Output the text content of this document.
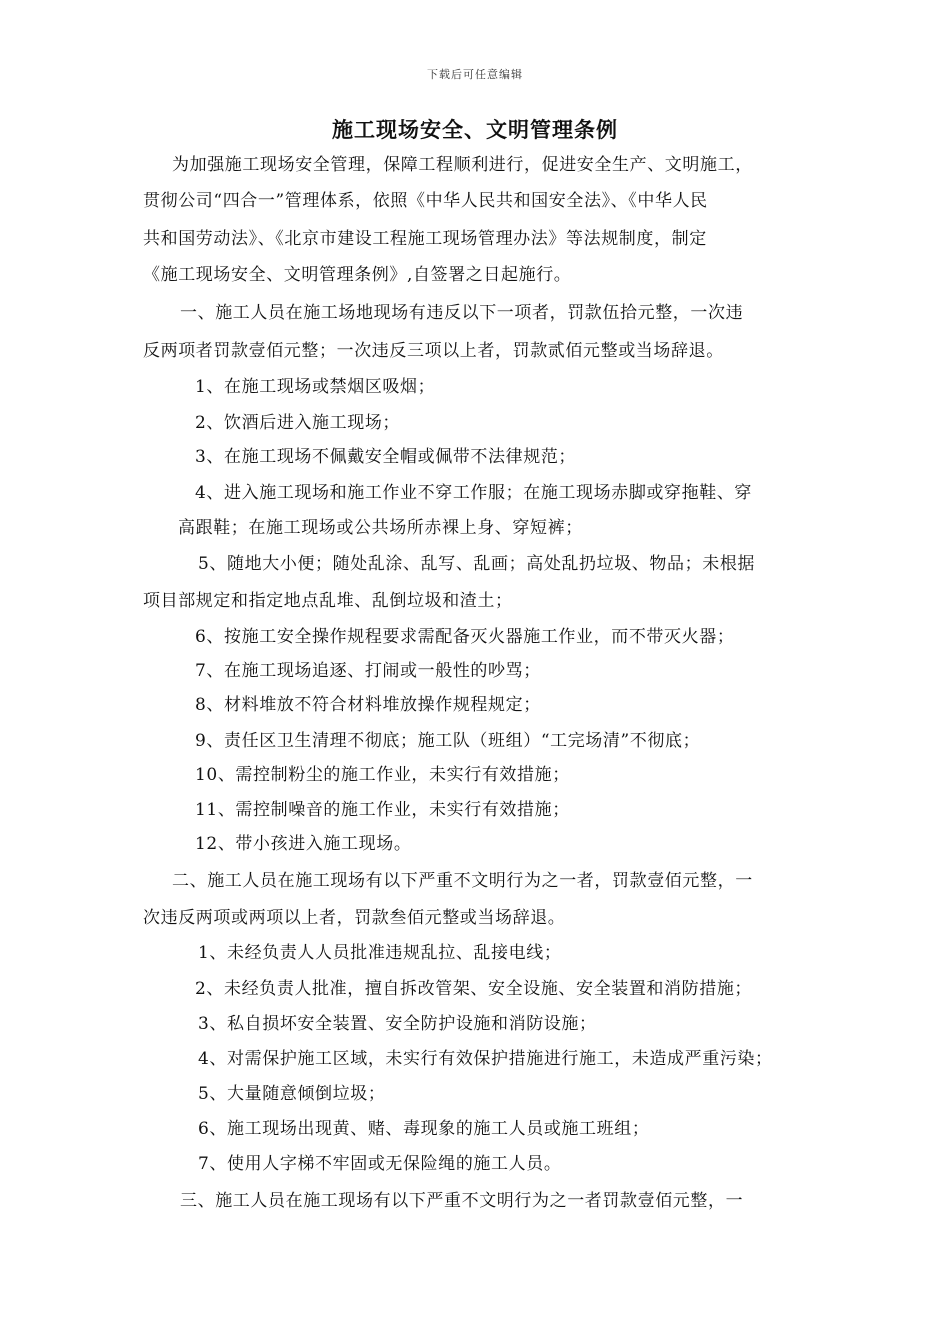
下载后可任意编辑
施工现场安全、文明管理条例
为加强施工现场安全管理，保障工程顺利进行，促进安全生产、文明施工，
贯彻公司“四合一”管理体系，依照《中华人民共和国安全法》、《中华人民
共和国劳动法》、《北京市建设工程施工现场管理办法》等法规制度，制定
《施工现场安全、文明管理条例》,自签署之日起施行。
一、施工人员在施工场地现场有违反以下一项者，罚款伍拾元整，一次违
反两项者罚款壹佰元整；一次违反三项以上者，罚款贰佰元整或当场辞退。
1、在施工现场或禁烟区吸烟；
2、饮酒后进入施工现场；
3、在施工现场不佩戴安全帽或佩带不法律规范；
4、进入施工现场和施工作业不穿工作服；在施工现场赤脚或穿拖鞋、穿
高跟鞋；在施工现场或公共场所赤裸上身、穿短裤；
5、随地大小便；随处乱涂、乱写、乱画；高处乱扔垃圾、物品；未根据
项目部规定和指定地点乱堆、乱倒垃圾和渣土；
6、按施工安全操作规程要求需配备灭火器施工作业，而不带灭火器；
7、在施工现场追逐、打闹或一般性的吵骂；
8、材料堆放不符合材料堆放操作规程规定；
9、责任区卫生清理不彻底；施工队（班组）“工完场清”不彻底；
10、需控制粉尘的施工作业，未实行有效措施；
11、需控制噪音的施工作业，未实行有效措施；
12、带小孩进入施工现场。
二、施工人员在施工现场有以下严重不文明行为之一者，罚款壹佰元整，一
次违反两项或两项以上者，罚款叁佰元整或当场辞退。
1、未经负责人人员批准违规乱拉、乱接电线；
2、未经负责人批准，擅自拆改管架、安全设施、安全装置和消防措施；
3、私自损坏安全装置、安全防护设施和消防设施；
4、对需保护施工区域，未实行有效保护措施进行施工，未造成严重污染；
5、大量随意倾倒垃圾；
6、施工现场出现黄、赌、毒现象的施工人员或施工班组；
7、使用人字梯不牢固或无保险绳的施工人员。
三、施工人员在施工现场有以下严重不文明行为之一者罚款壹佰元整，一
